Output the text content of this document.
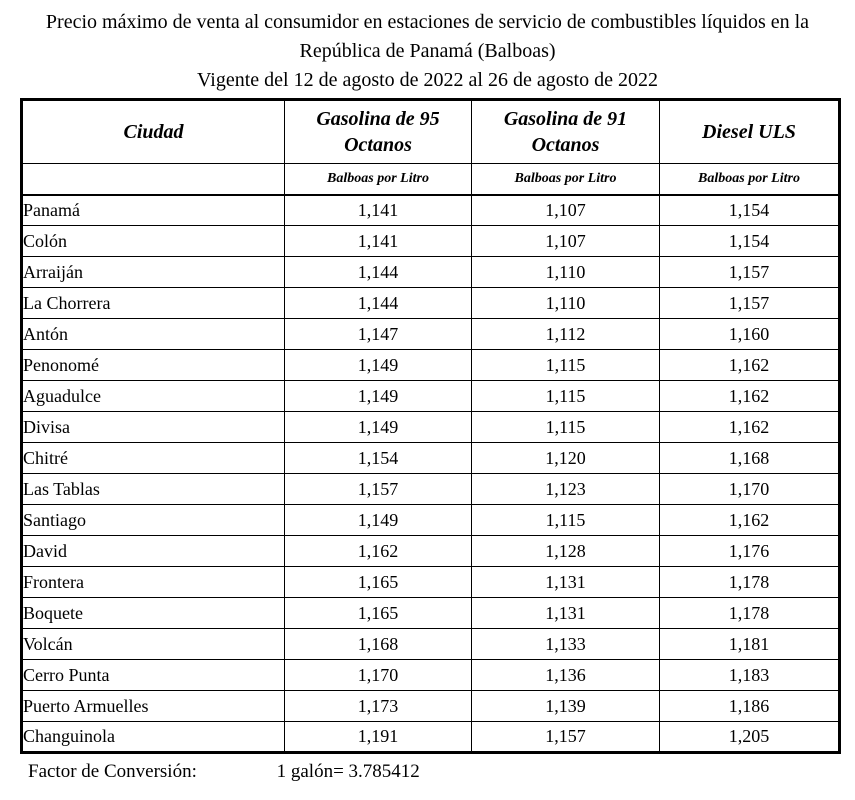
Precio máximo de venta al consumidor en estaciones de servicio de combustibles líquidos en la República de Panamá (Balboas)
Vigente del 12 de agosto de 2022 al 26 de agosto de 2022
Ciudad	Gasolina de 95 Octanos	Gasolina de 91 Octanos	Diesel ULS
	Balboas por Litro	Balboas por Litro	Balboas por Litro
Panamá	1,141	1,107	1,154
Colón	1,141	1,107	1,154
Arraiján	1,144	1,110	1,157
La Chorrera	1,144	1,110	1,157
Antón	1,147	1,112	1,160
Penonomé	1,149	1,115	1,162
Aguadulce	1,149	1,115	1,162
Divisa	1,149	1,115	1,162
Chitré	1,154	1,120	1,168
Las Tablas	1,157	1,123	1,170
Santiago	1,149	1,115	1,162
David	1,162	1,128	1,176
Frontera	1,165	1,131	1,178
Boquete	1,165	1,131	1,178
Volcán	1,168	1,133	1,181
Cerro Punta	1,170	1,136	1,183
Puerto Armuelles	1,173	1,139	1,186
Changuinola	1,191	1,157	1,205
Factor de Conversión:	1 galón= 3.785412
